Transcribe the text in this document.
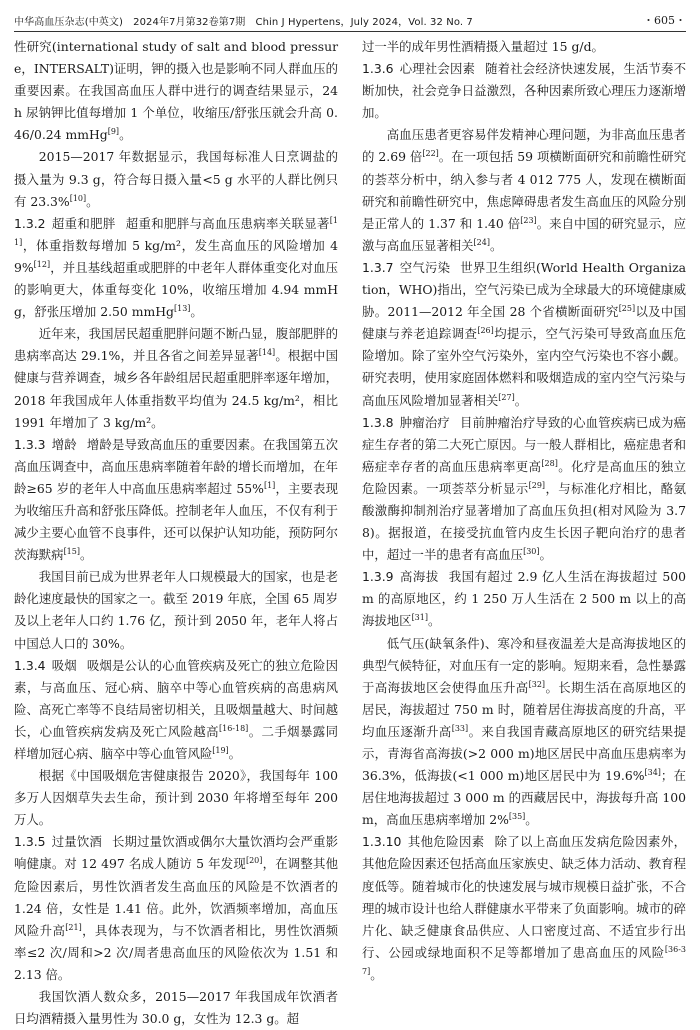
中华高血压杂志(中英文)　2024年7月第32卷第7期　Chin J Hypertens，July 2024，Vol. 32 No. 7	・605・

性研究(international study of salt and blood pressure，INTERSALT)证明，钾的摄入也是影响不同人群血压的重要因素。在我国高血压人群中进行的调查结果显示，24 h 尿钠钾比值每增加 1 个单位，收缩压/舒张压就会升高 0.46/0.24 mmHg[9]。

2015—2017 年数据显示，我国每标准人日烹调盐的摄入量为 9.3 g，符合每日摄入量<5 g 水平的人群比例只有 23.3%[10]。

1.3.2 超重和肥胖 超重和肥胖与高血压患病率关联显著[11]，体重指数每增加 5 kg/m²，发生高血压的风险增加 49%[12]，并且基线超重或肥胖的中老年人群体重变化对血压的影响更大，体重每变化 10%，收缩压增加 4.94 mmHg，舒张压增加 2.50 mmHg[13]。

近年来，我国居民超重肥胖问题不断凸显，腹部肥胖的患病率高达 29.1%，并且各省之间差异显著[14]。根据中国健康与营养调查，城乡各年龄组居民超重肥胖率逐年增加，2018 年我国成年人体重指数平均值为 24.5 kg/m²，相比 1991 年增加了 3 kg/m²。

1.3.3 增龄 增龄是导致高血压的重要因素。在我国第五次高血压调查中，高血压患病率随着年龄的增长而增加，在年龄≥65 岁的老年人中高血压患病率超过 55%[1]，主要表现为收缩压升高和舒张压降低。控制老年人血压，不仅有利于减少主要心血管不良事件，还可以保护认知功能，预防阿尔茨海默病[15]。

我国目前已成为世界老年人口规模最大的国家，也是老龄化速度最快的国家之一。截至 2019 年底，全国 65 周岁及以上老年人口约 1.76 亿，预计到 2050 年，老年人将占中国总人口的 30%。

1.3.4 吸烟 吸烟是公认的心血管疾病及死亡的独立危险因素，与高血压、冠心病、脑卒中等心血管疾病的高患病风险、高死亡率等不良结局密切相关，且吸烟量越大、时间越长，心血管疾病发病及死亡风险越高[16-18]。二手烟暴露同样增加冠心病、脑卒中等心血管风险[19]。

根据《中国吸烟危害健康报告 2020》，我国每年 100 多万人因烟草失去生命，预计到 2030 年将增至每年 200 万人。

1.3.5 过量饮酒 长期过量饮酒或偶尔大量饮酒均会严重影响健康。对 12 497 名成人随访 5 年发现[20]，在调整其他危险因素后，男性饮酒者发生高血压的风险是不饮酒者的 1.24 倍，女性是 1.41 倍。此外，饮酒频率增加，高血压风险升高[21]，具体表现为，与不饮酒者相比，男性饮酒频率≤2 次/周和>2 次/周者患高血压的风险依次为 1.51 和 2.13 倍。

我国饮酒人数众多，2015—2017 年我国成年饮酒者日均酒精摄入量男性为 30.0 g，女性为 12.3 g。超

过一半的成年男性酒精摄入量超过 15 g/d。

1.3.6 心理社会因素 随着社会经济快速发展，生活节奏不断加快，社会竞争日益激烈，各种因素所致心理压力逐渐增加。

高血压患者更容易伴发精神心理问题，为非高血压患者的 2.69 倍[22]。在一项包括 59 项横断面研究和前瞻性研究的荟萃分析中，纳入参与者 4 012 775 人，发现在横断面研究和前瞻性研究中，焦虑障碍患者发生高血压的风险分别是正常人的 1.37 和 1.40 倍[23]。来自中国的研究显示，应激与高血压显著相关[24]。

1.3.7 空气污染 世界卫生组织(World Health Organization，WHO)指出，空气污染已成为全球最大的环境健康威胁。2011—2012 年全国 28 个省横断面研究[25]以及中国健康与养老追踪调查[26]均提示，空气污染可导致高血压危险增加。除了室外空气污染外，室内空气污染也不容小觑。研究表明，使用家庭固体燃料和吸烟造成的室内空气污染与高血压风险增加显著相关[27]。

1.3.8 肿瘤治疗 目前肿瘤治疗导致的心血管疾病已成为癌症生存者的第二大死亡原因。与一般人群相比，癌症患者和癌症幸存者的高血压患病率更高[28]。化疗是高血压的独立危险因素。一项荟萃分析显示[29]，与标准化疗相比，酪氨酸激酶抑制剂治疗显著增加了高血压负担(相对风险为 3.78)。据报道，在接受抗血管内皮生长因子靶向治疗的患者中，超过一半的患者有高血压[30]。

1.3.9 高海拔 我国有超过 2.9 亿人生活在海拔超过 500 m 的高原地区，约 1 250 万人生活在 2 500 m 以上的高海拔地区[31]。

低气压(缺氧条件)、寒冷和昼夜温差大是高海拔地区的典型气候特征，对血压有一定的影响。短期来看，急性暴露于高海拔地区会使得血压升高[32]。长期生活在高原地区的居民，海拔超过 750 m 时，随着居住海拔高度的升高，平均血压逐渐升高[33]。来自我国青藏高原地区的研究结果提示，青海省高海拔(>2 000 m)地区居民中高血压患病率为 36.3%，低海拔(<1 000 m)地区居民中为 19.6%[34]；在居住地海拔超过 3 000 m 的西藏居民中，海拔每升高 100 m，高血压患病率增加 2%[35]。

1.3.10 其他危险因素 除了以上高血压发病危险因素外，其他危险因素还包括高血压家族史、缺乏体力活动、教育程度低等。随着城市化的快速发展与城市规模日益扩张，不合理的城市设计也给人群健康水平带来了负面影响。城市的碎片化、缺乏健康食品供应、人口密度过高、不适宜步行出行、公园或绿地面积不足等都增加了患高血压的风险[36-37]。
